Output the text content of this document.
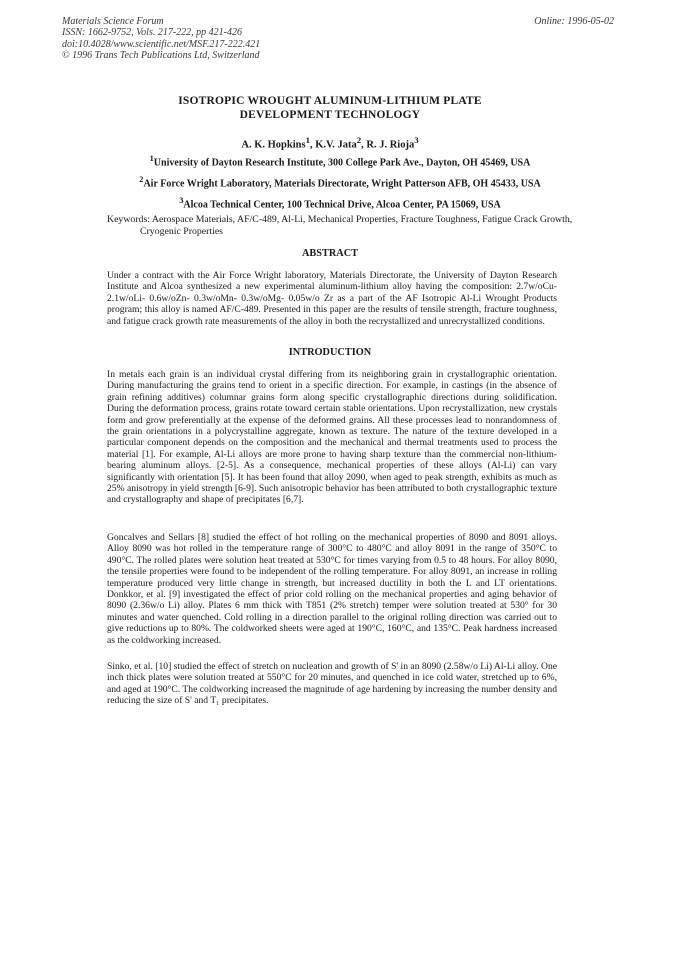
Materials Science Forum
ISSN: 1662-9752, Vols. 217-222, pp 421-426
doi:10.4028/www.scientific.net/MSF.217-222.421
© 1996 Trans Tech Publications Ltd, Switzerland
Online: 1996-05-02
ISOTROPIC WROUGHT ALUMINUM-LITHIUM PLATE
DEVELOPMENT TECHNOLOGY
A. K. Hopkins$^1$, K.V. Jata$^2$, R. J. Rioja$^3$
$^1$University of Dayton Research Institute, 300 College Park Ave., Dayton, OH 45469, USA
$^2$Air Force Wright Laboratory, Materials Directorate, Wright Patterson AFB, OH 45433, USA
$^3$Alcoa Technical Center, 100 Technical Drive, Alcoa Center, PA 15069, USA
Keywords: Aerospace Materials, AF/C-489, Al-Li, Mechanical Properties, Fracture Toughness, Fatigue Crack Growth, Cryogenic Properties
ABSTRACT

Under a contract with the Air Force Wright laboratory, Materials Directorate, the University of Dayton Research Institute and Alcoa synthesized a new experimental aluminum-lithium alloy having the composition: 2.7w/oCu- 2.1w/oLi- 0.6w/oZn- 0.3w/oMn- 0.3w/oMg- 0.05w/o Zr as a part of the AF Isotropic Al-Li Wrought Products program; this alloy is named AF/C-489. Presented in this paper are the results of tensile strength, fracture toughness, and fatigue crack growth rate measurements of the alloy in both the recrystallized and unrecrystallized conditions.

INTRODUCTION

In metals each grain is an individual crystal differing from its neighboring grain in crystallographic orientation. During manufacturing the grains tend to orient in a specific direction. For example, in castings (in the absence of grain refining additives) columnar grains form along specific crystallographic directions during solidification. During the deformation process, grains rotate toward certain stable orientations. Upon recrystallization, new crystals form and grow preferentially at the expense of the deformed grains. All these processes lead to nonrandomness of the grain orientations in a polycrystalline aggregate, known as texture. The nature of the texture developed in a particular component depends on the composition and the mechanical and thermal treatments used to process the material [1]. For example, Al-Li alloys are more prone to having sharp texture than the commercial non-lithium-bearing aluminum alloys. [2-5]. As a consequence, mechanical properties of these alloys (Al-Li) can vary significantly with orientation [5]. It has been found that alloy 2090, when aged to peak strength, exhibits as much as 25% anisotropy in yield strength [6-9]. Such anisotropic behavior has been attributed to both crystallographic texture and crystallography and shape of precipitates [6,7].

Goncalves and Sellars [8] studied the effect of hot rolling on the mechanical properties of 8090 and 8091 alloys. Alloy 8090 was hot rolled in the temperature range of 300°C to 480°C and alloy 8091 in the range of 350°C to 490°C. The rolled plates were solution heat treated at 530°C for times varying from 0.5 to 48 hours. For alloy 8090, the tensile properties were found to be independent of the rolling temperature. For alloy 8091, an increase in rolling temperature produced very little change in strength, but increased ductility in both the L and LT orientations. Donkkor, et al. [9] investigated the effect of prior cold rolling on the mechanical properties and aging behavior of 8090 (2.36w/o Li) alloy. Plates 6 mm thick with T851 (2% stretch) temper were solution treated at 530° for 30 minutes and water quenched. Cold rolling in a direction parallel to the original rolling direction was carried out to give reductions up to 80%. The coldworked sheets were aged at 190°C, 160°C, and 135°C. Peak hardness increased as the coldworking increased.

Sinko, et al. [10] studied the effect of stretch on nucleation and growth of S' in an 8090 (2.58w/o Li) Al-Li alloy. One inch thick plates were solution treated at 550°C for 20 minutes, and quenched in ice cold water, stretched up to 6%, and aged at 190°C. The coldworking increased the magnitude of age hardening by increasing the number density and reducing the size of S' and T₁ precipitates.
